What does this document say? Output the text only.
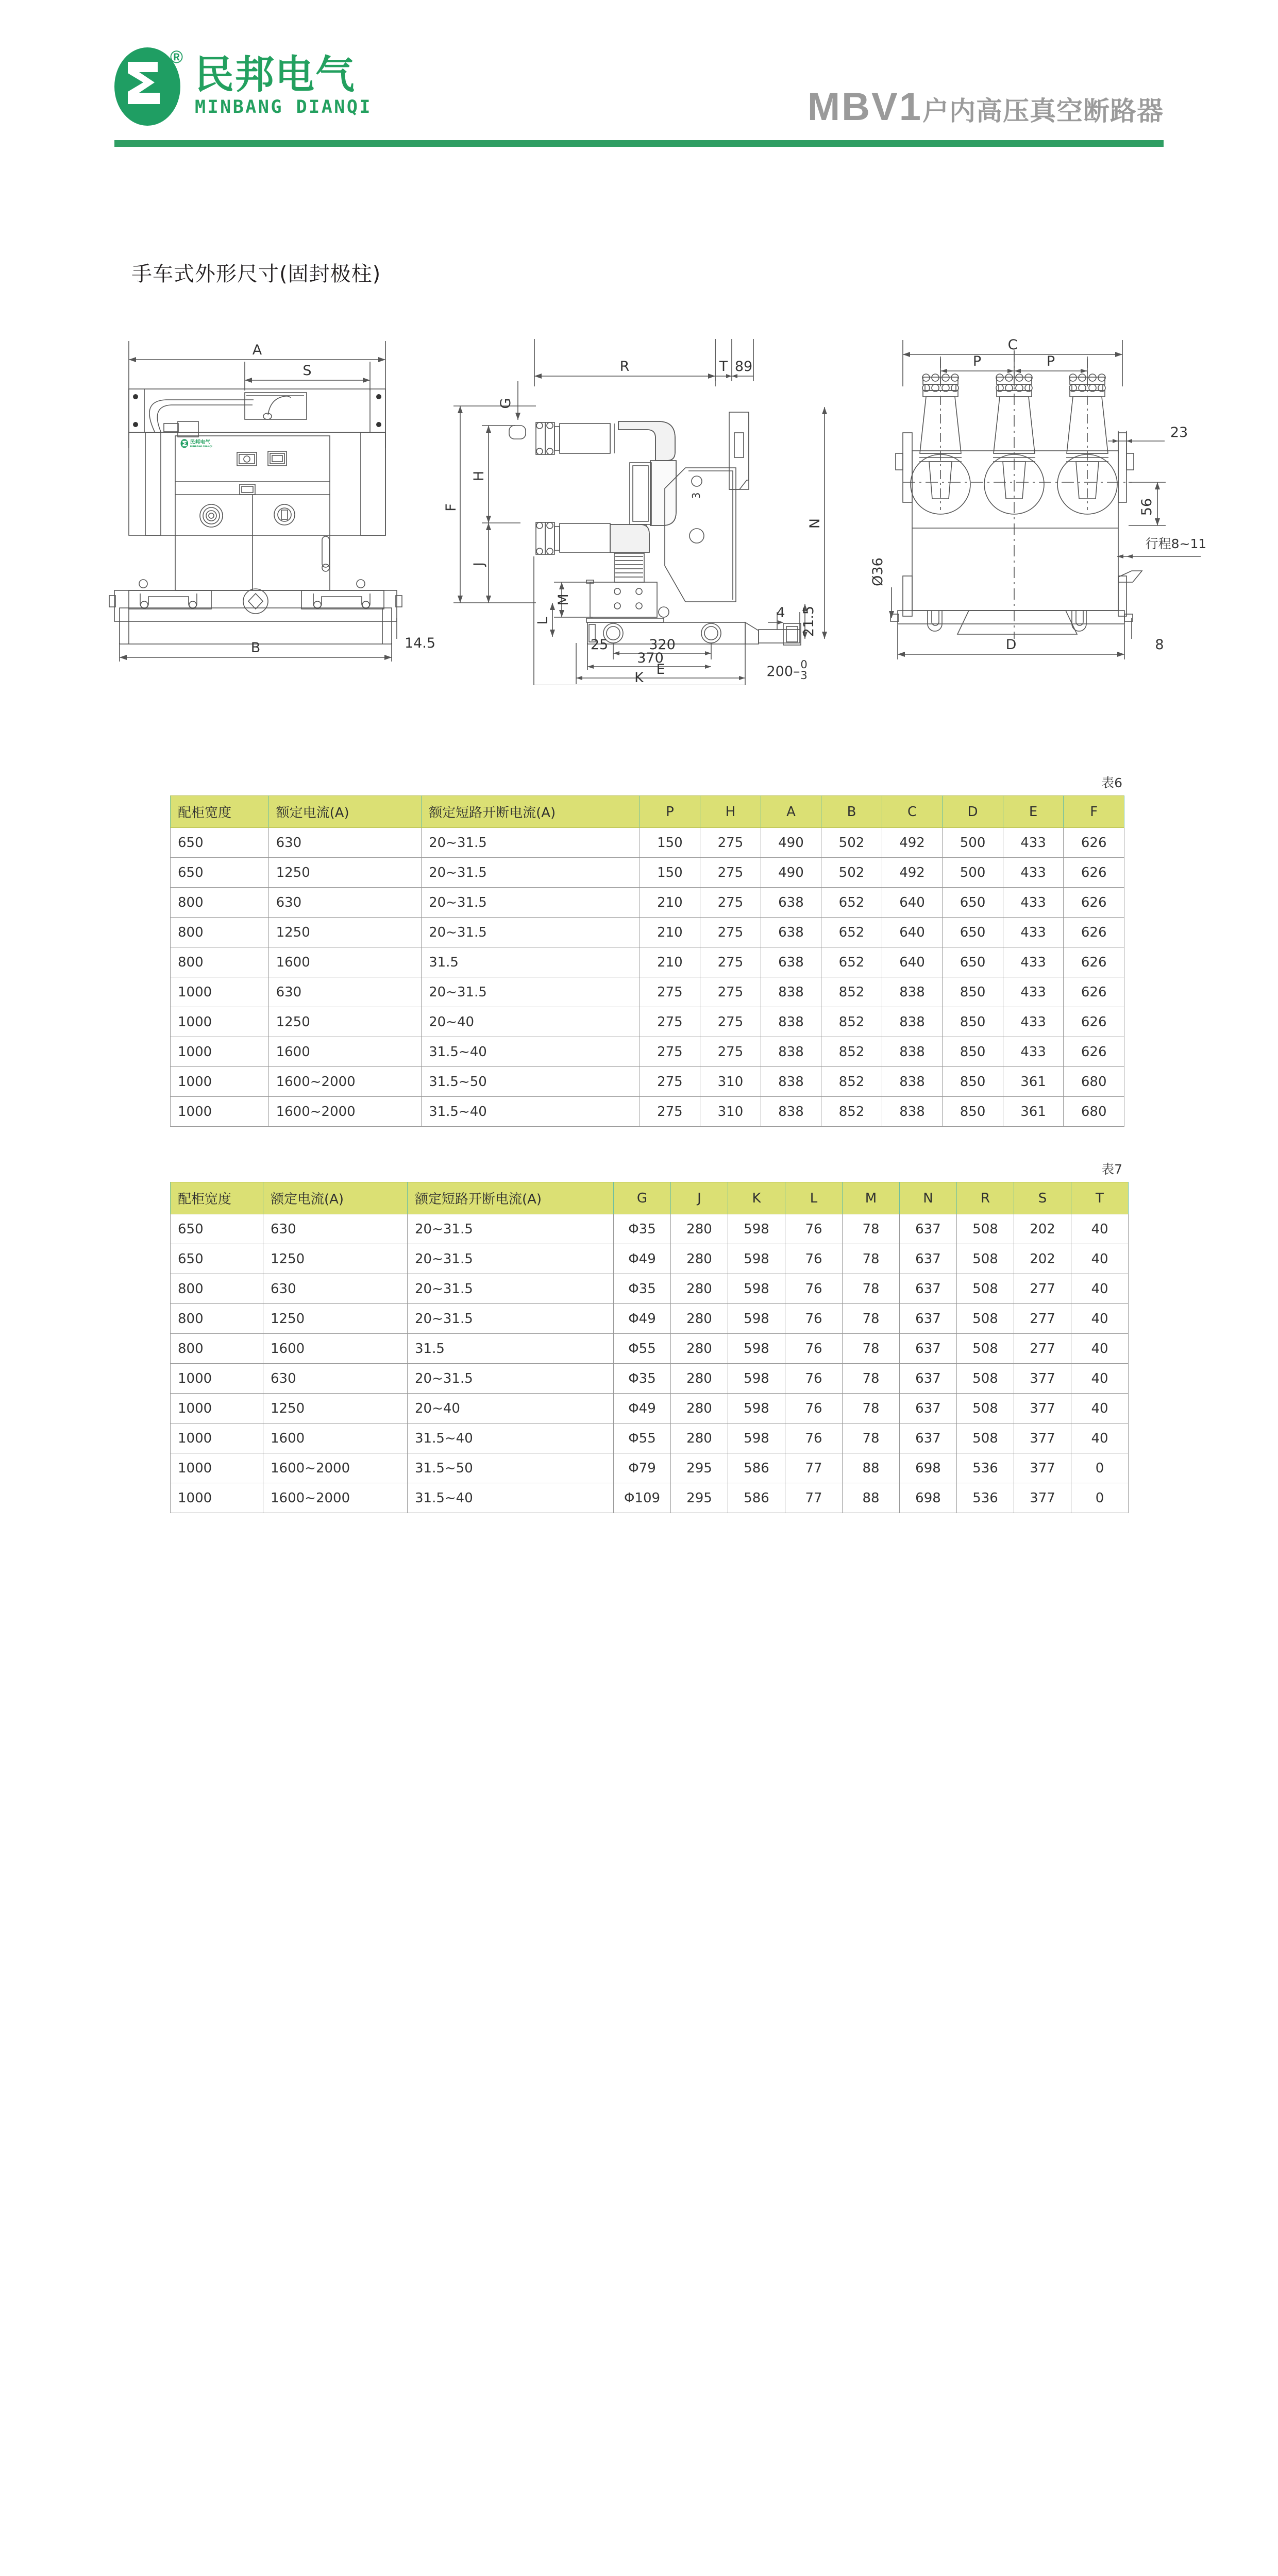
® 民邦电气
MINBANG DIANQI	MBV1 户内高压真空断路器
手车式外形尺寸(固封极柱)
A
S
民邦电气
MINBANG DIANQI
B	14.5
R	T 89
F
H
G
J
M
L
3
4 21.5
N
320
25
370
E
K	200– 0
3
C
P	P
23
56
行程8~11
Ø36
D	8
表6
配柜宽度	额定电流(A)	额定短路开断电流(A)	P	H	A	B	C	D	E	F
650	630	20~31.5	150	275	490	502	492	500	433	626
650	1250	20~31.5	150	275	490	502	492	500	433	626
800	630	20~31.5	210	275	638	652	640	650	433	626
800	1250	20~31.5	210	275	638	652	640	650	433	626
800	1600	31.5	210	275	638	652	640	650	433	626
1000	630	20~31.5	275	275	838	852	838	850	433	626
1000	1250	20~40	275	275	838	852	838	850	433	626
1000	1600	31.5~40	275	275	838	852	838	850	433	626
1000	1600~2000	31.5~50	275	310	838	852	838	850	361	680
1000	1600~2000	31.5~40	275	310	838	852	838	850	361	680
表7
配柜宽度	额定电流(A)	额定短路开断电流(A)	G	J	K	L	M	N	R	S	T
650	630	20~31.5	Φ35	280	598	76	78	637	508	202	40
650	1250	20~31.5	Φ49	280	598	76	78	637	508	202	40
800	630	20~31.5	Φ35	280	598	76	78	637	508	277	40
800	1250	20~31.5	Φ49	280	598	76	78	637	508	277	40
800	1600	31.5	Φ55	280	598	76	78	637	508	277	40
1000	630	20~31.5	Φ35	280	598	76	78	637	508	377	40
1000	1250	20~40	Φ49	280	598	76	78	637	508	377	40
1000	1600	31.5~40	Φ55	280	598	76	78	637	508	377	40
1000	1600~2000	31.5~50	Φ79	295	586	77	88	698	536	377	0
1000	1600~2000	31.5~40	Φ109	295	586	77	88	698	536	377	0
